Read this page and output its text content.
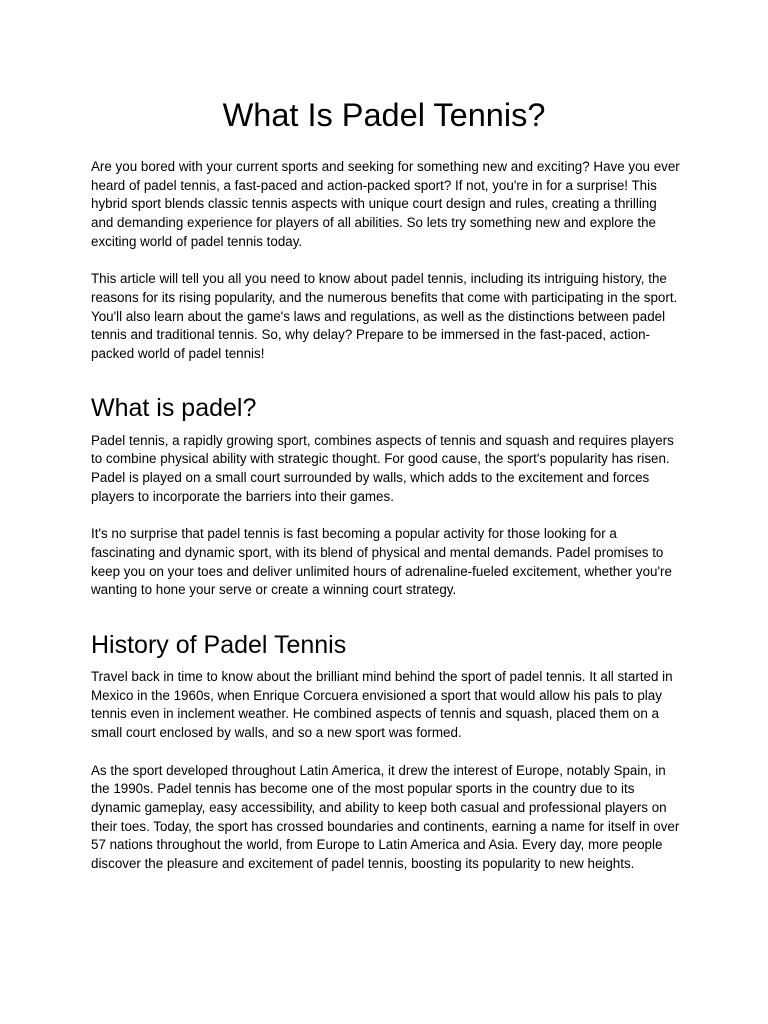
What Is Padel Tennis?

Are you bored with your current sports and seeking for something new and exciting? Have you ever heard of padel tennis, a fast-paced and action-packed sport? If not, you're in for a surprise! This hybrid sport blends classic tennis aspects with unique court design and rules, creating a thrilling and demanding experience for players of all abilities. So lets try something new and explore the exciting world of padel tennis today.

This article will tell you all you need to know about padel tennis, including its intriguing history, the reasons for its rising popularity, and the numerous benefits that come with participating in the sport. You'll also learn about the game's laws and regulations, as well as the distinctions between padel tennis and traditional tennis. So, why delay? Prepare to be immersed in the fast-paced, action-packed world of padel tennis!

What is padel?

Padel tennis, a rapidly growing sport, combines aspects of tennis and squash and requires players to combine physical ability with strategic thought. For good cause, the sport's popularity has risen. Padel is played on a small court surrounded by walls, which adds to the excitement and forces players to incorporate the barriers into their games.

It's no surprise that padel tennis is fast becoming a popular activity for those looking for a fascinating and dynamic sport, with its blend of physical and mental demands. Padel promises to keep you on your toes and deliver unlimited hours of adrenaline-fueled excitement, whether you're wanting to hone your serve or create a winning court strategy.

History of Padel Tennis

Travel back in time to know about the brilliant mind behind the sport of padel tennis. It all started in Mexico in the 1960s, when Enrique Corcuera envisioned a sport that would allow his pals to play tennis even in inclement weather. He combined aspects of tennis and squash, placed them on a small court enclosed by walls, and so a new sport was formed.

As the sport developed throughout Latin America, it drew the interest of Europe, notably Spain, in the 1990s. Padel tennis has become one of the most popular sports in the country due to its dynamic gameplay, easy accessibility, and ability to keep both casual and professional players on their toes. Today, the sport has crossed boundaries and continents, earning a name for itself in over 57 nations throughout the world, from Europe to Latin America and Asia. Every day, more people discover the pleasure and excitement of padel tennis, boosting its popularity to new heights.
